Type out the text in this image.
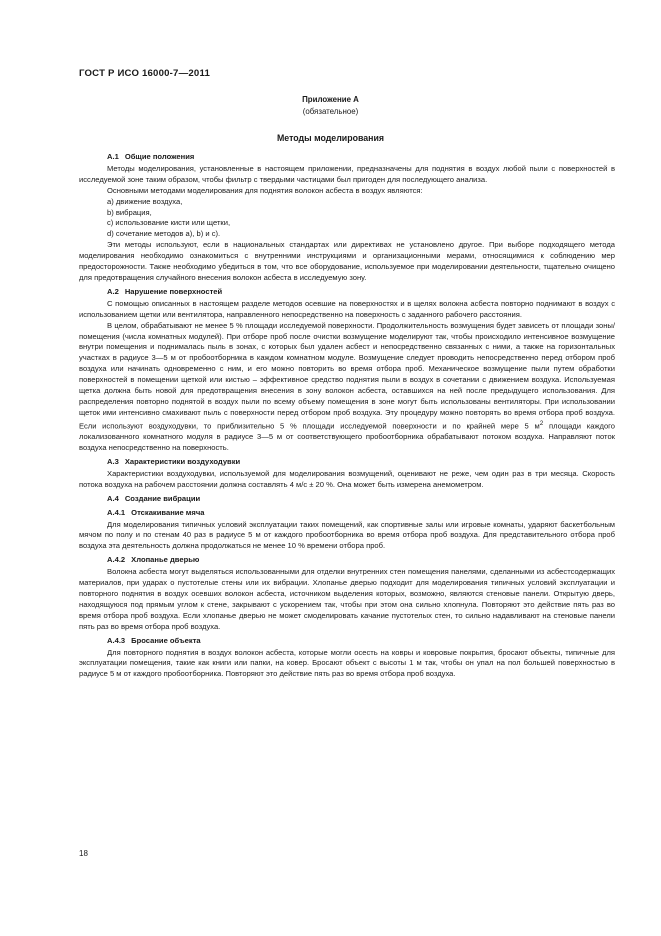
ГОСТ Р ИСО 16000-7—2011
Приложение А
(обязательное)
Методы моделирования
А.1 Общие положения

Методы моделирования, установленные в настоящем приложении, предназначены для поднятия в воздух любой пыли с поверхностей в исследуемой зоне таким образом, чтобы фильтр с твердыми частицами был пригоден для последующего анализа.

Основными методами моделирования для поднятия волокон асбеста в воздух являются:

a) движение воздуха,

b) вибрация,

c) использование кисти или щетки,

d) сочетание методов a), b) и c).

Эти методы используют, если в национальных стандартах или директивах не установлено другое. При выборе подходящего метода моделирования необходимо ознакомиться с внутренними инструкциями и организационными мерами, относящимися к соблюдению мер предосторожности. Также необходимо убедиться в том, что все оборудование, используемое при моделировании деятельности, тщательно очищено для предотвращения случайного внесения волокон асбеста в исследуемую зону.

А.2 Нарушение поверхностей

С помощью описанных в настоящем разделе методов осевшие на поверхностях и в щелях волокна асбеста повторно поднимают в воздух с использованием щетки или вентилятора, направленного непосредственно на поверхность с заданного рабочего расстояния.

В целом, обрабатывают не менее 5 % площади исследуемой поверхности. Продолжительность возмущения будет зависеть от площади зоны/помещения (числа комнатных модулей). При отборе проб после очистки возмущение моделируют так, чтобы происходило интенсивное возмущение внутри помещения и поднималась пыль в зонах, с которых был удален асбест и непосредственно связанных с ними, а также на горизонтальных участках в радиусе 3—5 м от пробоотборника в каждом комнатном модуле. Возмущение следует проводить непосредственно перед отбором проб воздуха или начинать одновременно с ним, и его можно повторить во время отбора проб. Механическое возмущение пыли путем обработки поверхностей в помещении щеткой или кистью – эффективное средство поднятия пыли в воздух в сочетании с движением воздуха. Используемая щетка должна быть новой для предотвращения внесения в зону волокон асбеста, оставшихся на ней после предыдущего использования. Для распределения повторно поднятой в воздух пыли по всему объему помещения в зоне могут быть использованы вентиляторы. При использовании щеток ими интенсивно смахивают пыль с поверхности перед отбором проб воздуха. Эту процедуру можно повторять во время отбора проб воздуха. Если используют воздуходувки, то приблизительно 5 % площади исследуемой поверхности и по крайней мере 5 $м^2$ площади каждого локализованного комнатного модуля в радиусе 3—5 м от соответствующего пробоотборника обрабатывают потоком воздуха. Направляют поток воздуха непосредственно на поверхность.

А.3 Характеристики воздуходувки

Характеристики воздуходувки, используемой для моделирования возмущений, оценивают не реже, чем один раз в три месяца. Скорость потока воздуха на рабочем расстоянии должна составлять 4 м/с ± 20 %. Она может быть измерена анемометром.

А.4 Создание вибрации
А.4.1 Отскакивание мяча

Для моделирования типичных условий эксплуатации таких помещений, как спортивные залы или игровые комнаты, ударяют баскетбольным мячом по полу и по стенам 40 раз в радиусе 5 м от каждого пробоотборника во время отбора проб воздуха. Для представительного отбора проб воздуха эта деятельность должна продолжаться не менее 10 % времени отбора проб.

А.4.2 Хлопанье дверью

Волокна асбеста могут выделяться использованными для отделки внутренних стен помещения панелями, сделанными из асбестсодержащих материалов, при ударах о пустотелые стены или их вибрации. Хлопанье дверью подходит для моделирования типичных условий эксплуатации и повторного поднятия в воздух осевших волокон асбеста, источником выделения которых, возможно, являются стеновые панели. Открытую дверь, находящуюся под прямым углом к стене, закрывают с ускорением так, чтобы при этом она сильно хлопнула. Повторяют это действие пять раз во время отбора проб воздуха. Если хлопанье дверью не может смоделировать качание пустотелых стен, то сильно надавливают на стеновые панели пять раз во время отбора проб воздуха.

А.4.3 Бросание объекта

Для повторного поднятия в воздух волокон асбеста, которые могли осесть на ковры и ковровые покрытия, бросают объекты, типичные для эксплуатации помещения, такие как книги или папки, на ковер. Бросают объект с высоты 1 м так, чтобы он упал на пол большей поверхностью в радиусе 5 м от каждого пробоотборника. Повторяют это действие пять раз во время отбора проб воздуха.

18
